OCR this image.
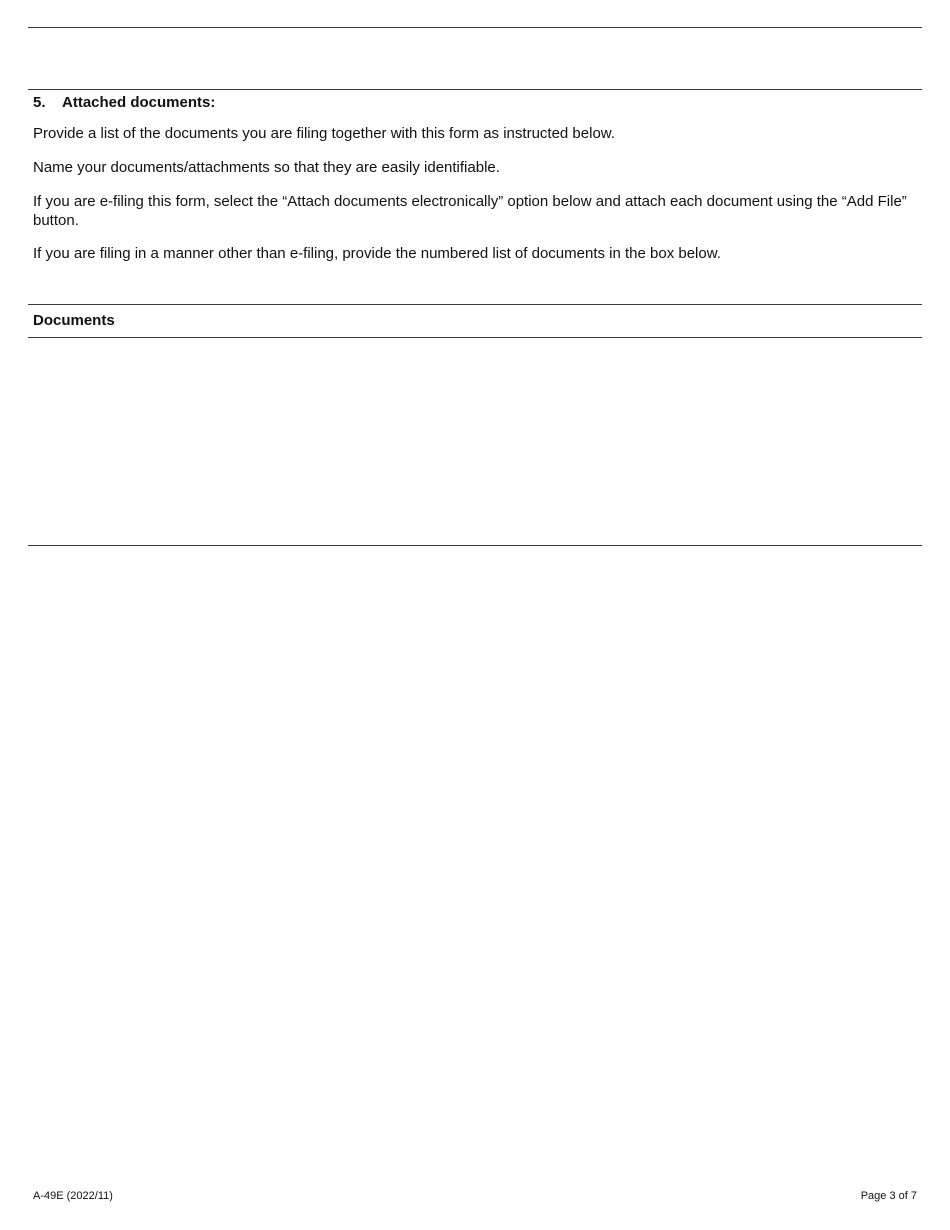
5. Attached documents:
Provide a list of the documents you are filing together with this form as instructed below.
Name your documents/attachments so that they are easily identifiable.
If you are e-filing this form, select the “Attach documents electronically” option below and attach each document using the “Add File” button.
If you are filing in a manner other than e-filing, provide the numbered list of documents in the box below.
Documents
A-49E (2022/11)	Page 3 of 7
